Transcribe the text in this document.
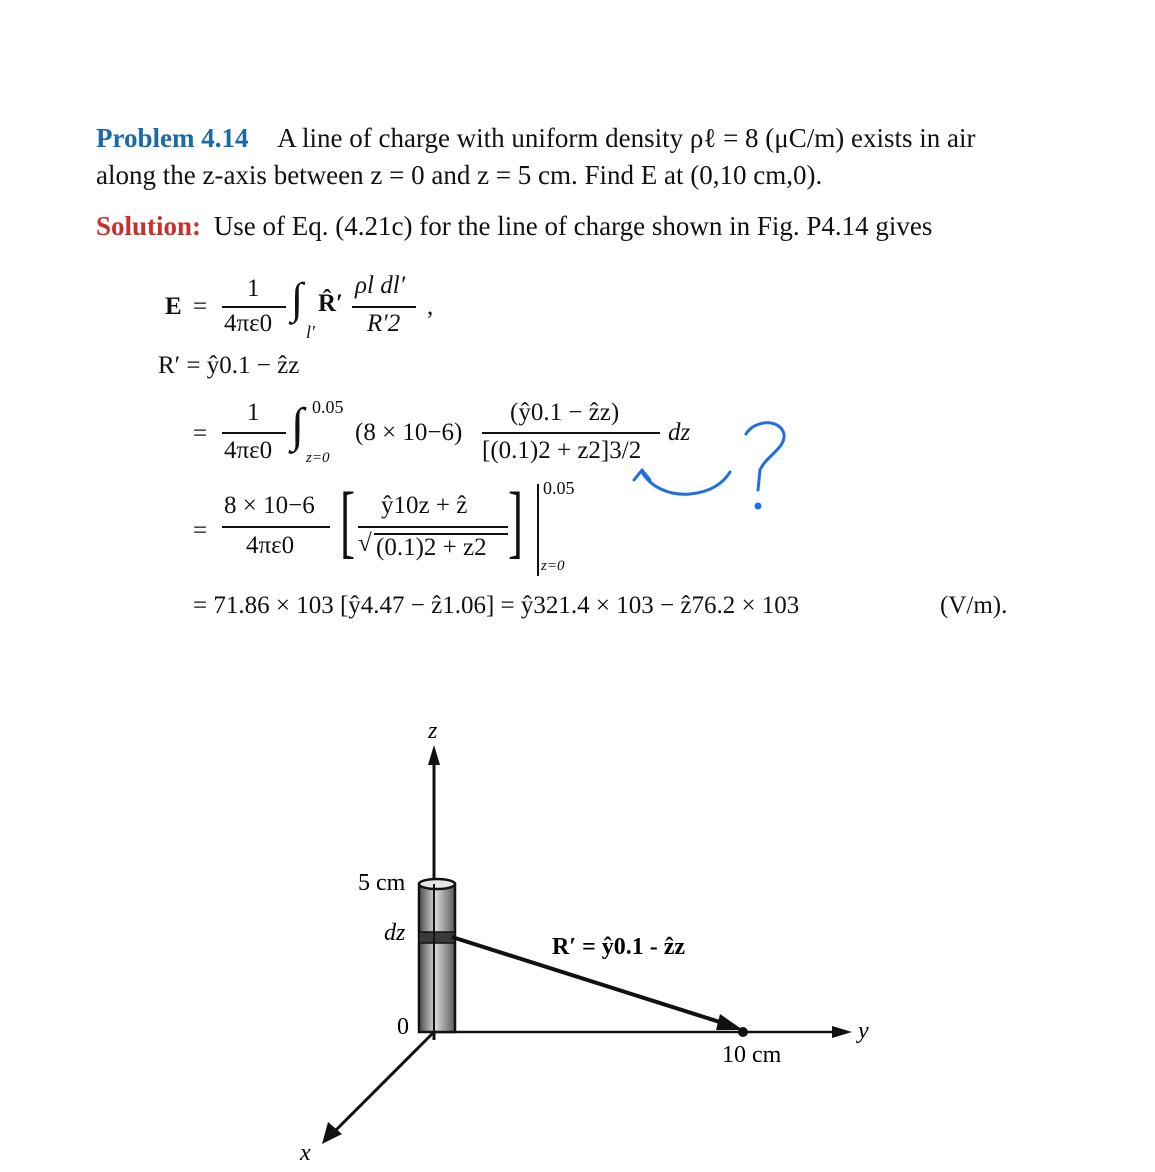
Problem 4.14 A line of charge with uniform density ρℓ = 8 (μC/m) exists in air
along the z-axis between z = 0 and z = 5 cm. Find E at (0,10 cm,0).
Solution: Use of Eq. (4.21c) for the line of charge shown in Fig. P4.14 gives
E =
1
4πε0
∫
l′
R̂′
ρl dl′
R′2
,
R′ = ŷ0.1 − ẑz
=
1
4πε0 ∫ 0.05
z=0
(8 × 10−6)
(ŷ0.1 − ẑz)
[(0.1)2 + z2]3/2
dz
=
8 × 10−6
4πε0 [ ŷ10z + ẑ
√ (0.1)2 + z2 ] 0.05
z=0
= 71.86 × 103 [ŷ4.47 − ẑ1.06] = ŷ321.4 × 103 − ẑ76.2 × 103	(V/m).
z
y
x
5 cm
dz
0
R′ = ŷ0.1 - ẑz
10 cm
